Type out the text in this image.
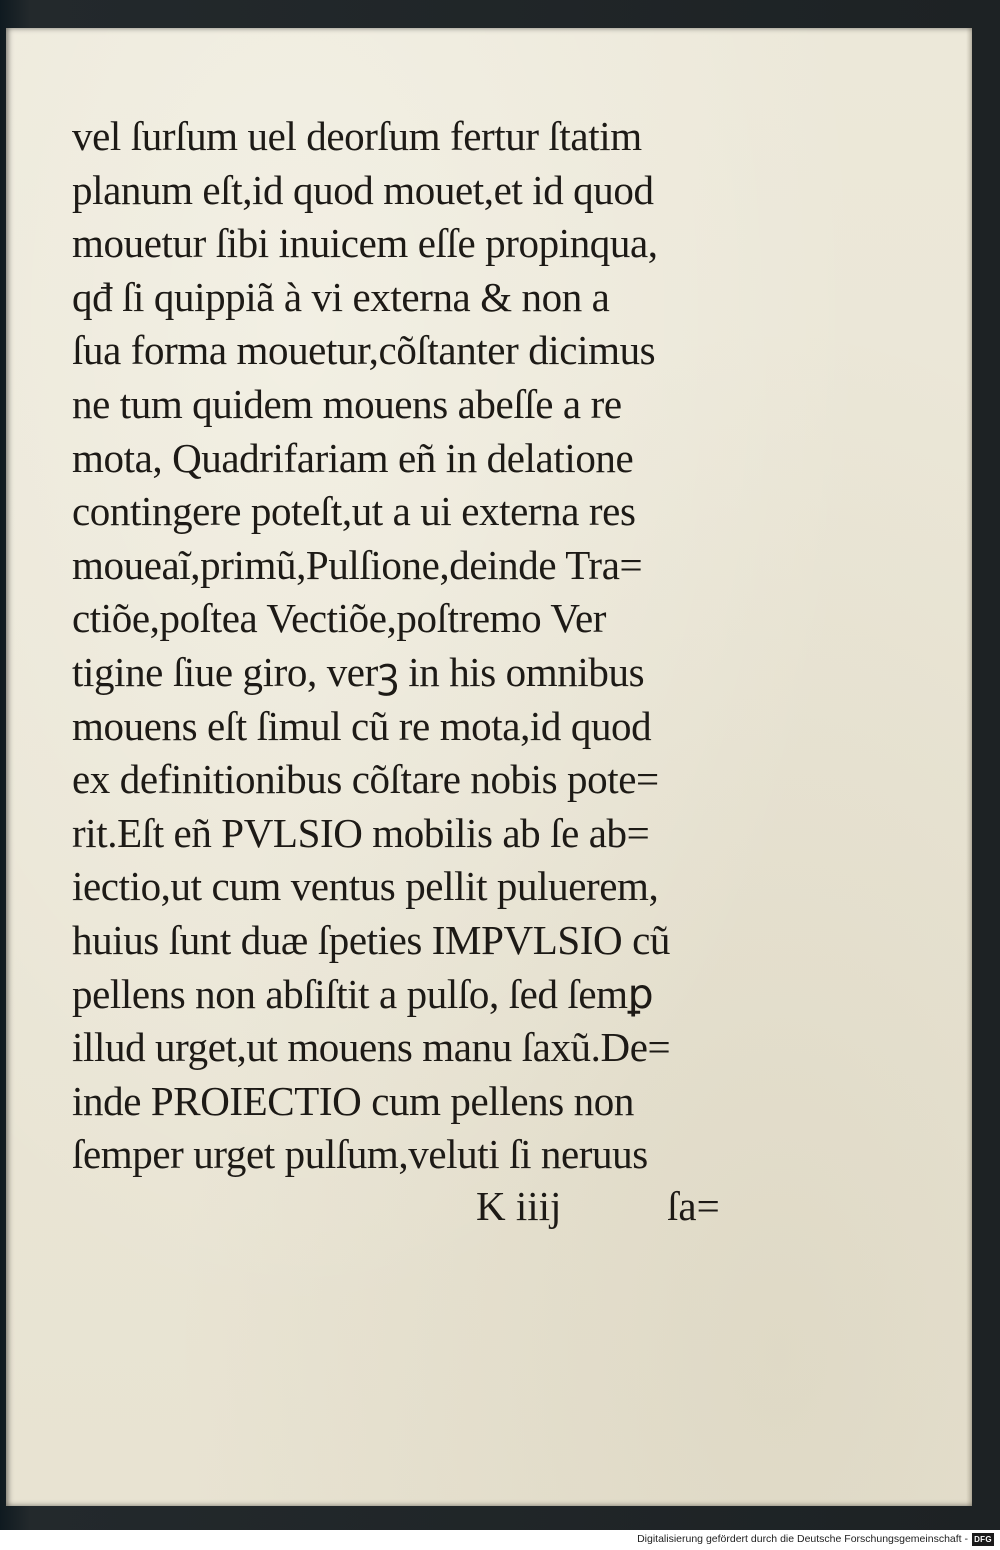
vel ſurſum uel deorſum fertur ſtatim
planum eſt,id quod mouet,et id quod
mouetur ſibi inuicem eſſe propinqua,
qđ ſi quippiã à vi externa & non a
ſua forma mouetur,cõſtanter dicimus
ne tum quidem mouens abeſſe a re
mota, Quadrifariam eñ in delatione
contingere poteſt,ut a ui externa res
moueaĩ,primũ,Pulſione,deinde Tra=
ctiõe,poſtea Vectiõe,poſtremo Ver
tigine ſiue giro, verꝫ in his omnibus
mouens eſt ſimul cũ re mota,id quod
ex definitionibus cõſtare nobis pote=
rit.Eſt eñ PVLSIO mobilis ab ſe ab=
iectio,ut cum ventus pellit puluerem,
huius ſunt duæ ſpeties IMPVLSIO cũ
pellens non abſiſtit a pulſo, ſed ſemꝑ
illud urget,ut mouens manu ſaxũ.De=
inde PROIECTIO cum pellens non
ſemper urget pulſum,veluti ſi neruus
K iiij	ſa=
Digitalisierung gefördert durch die Deutsche Forschungsgemeinschaft - DFG
